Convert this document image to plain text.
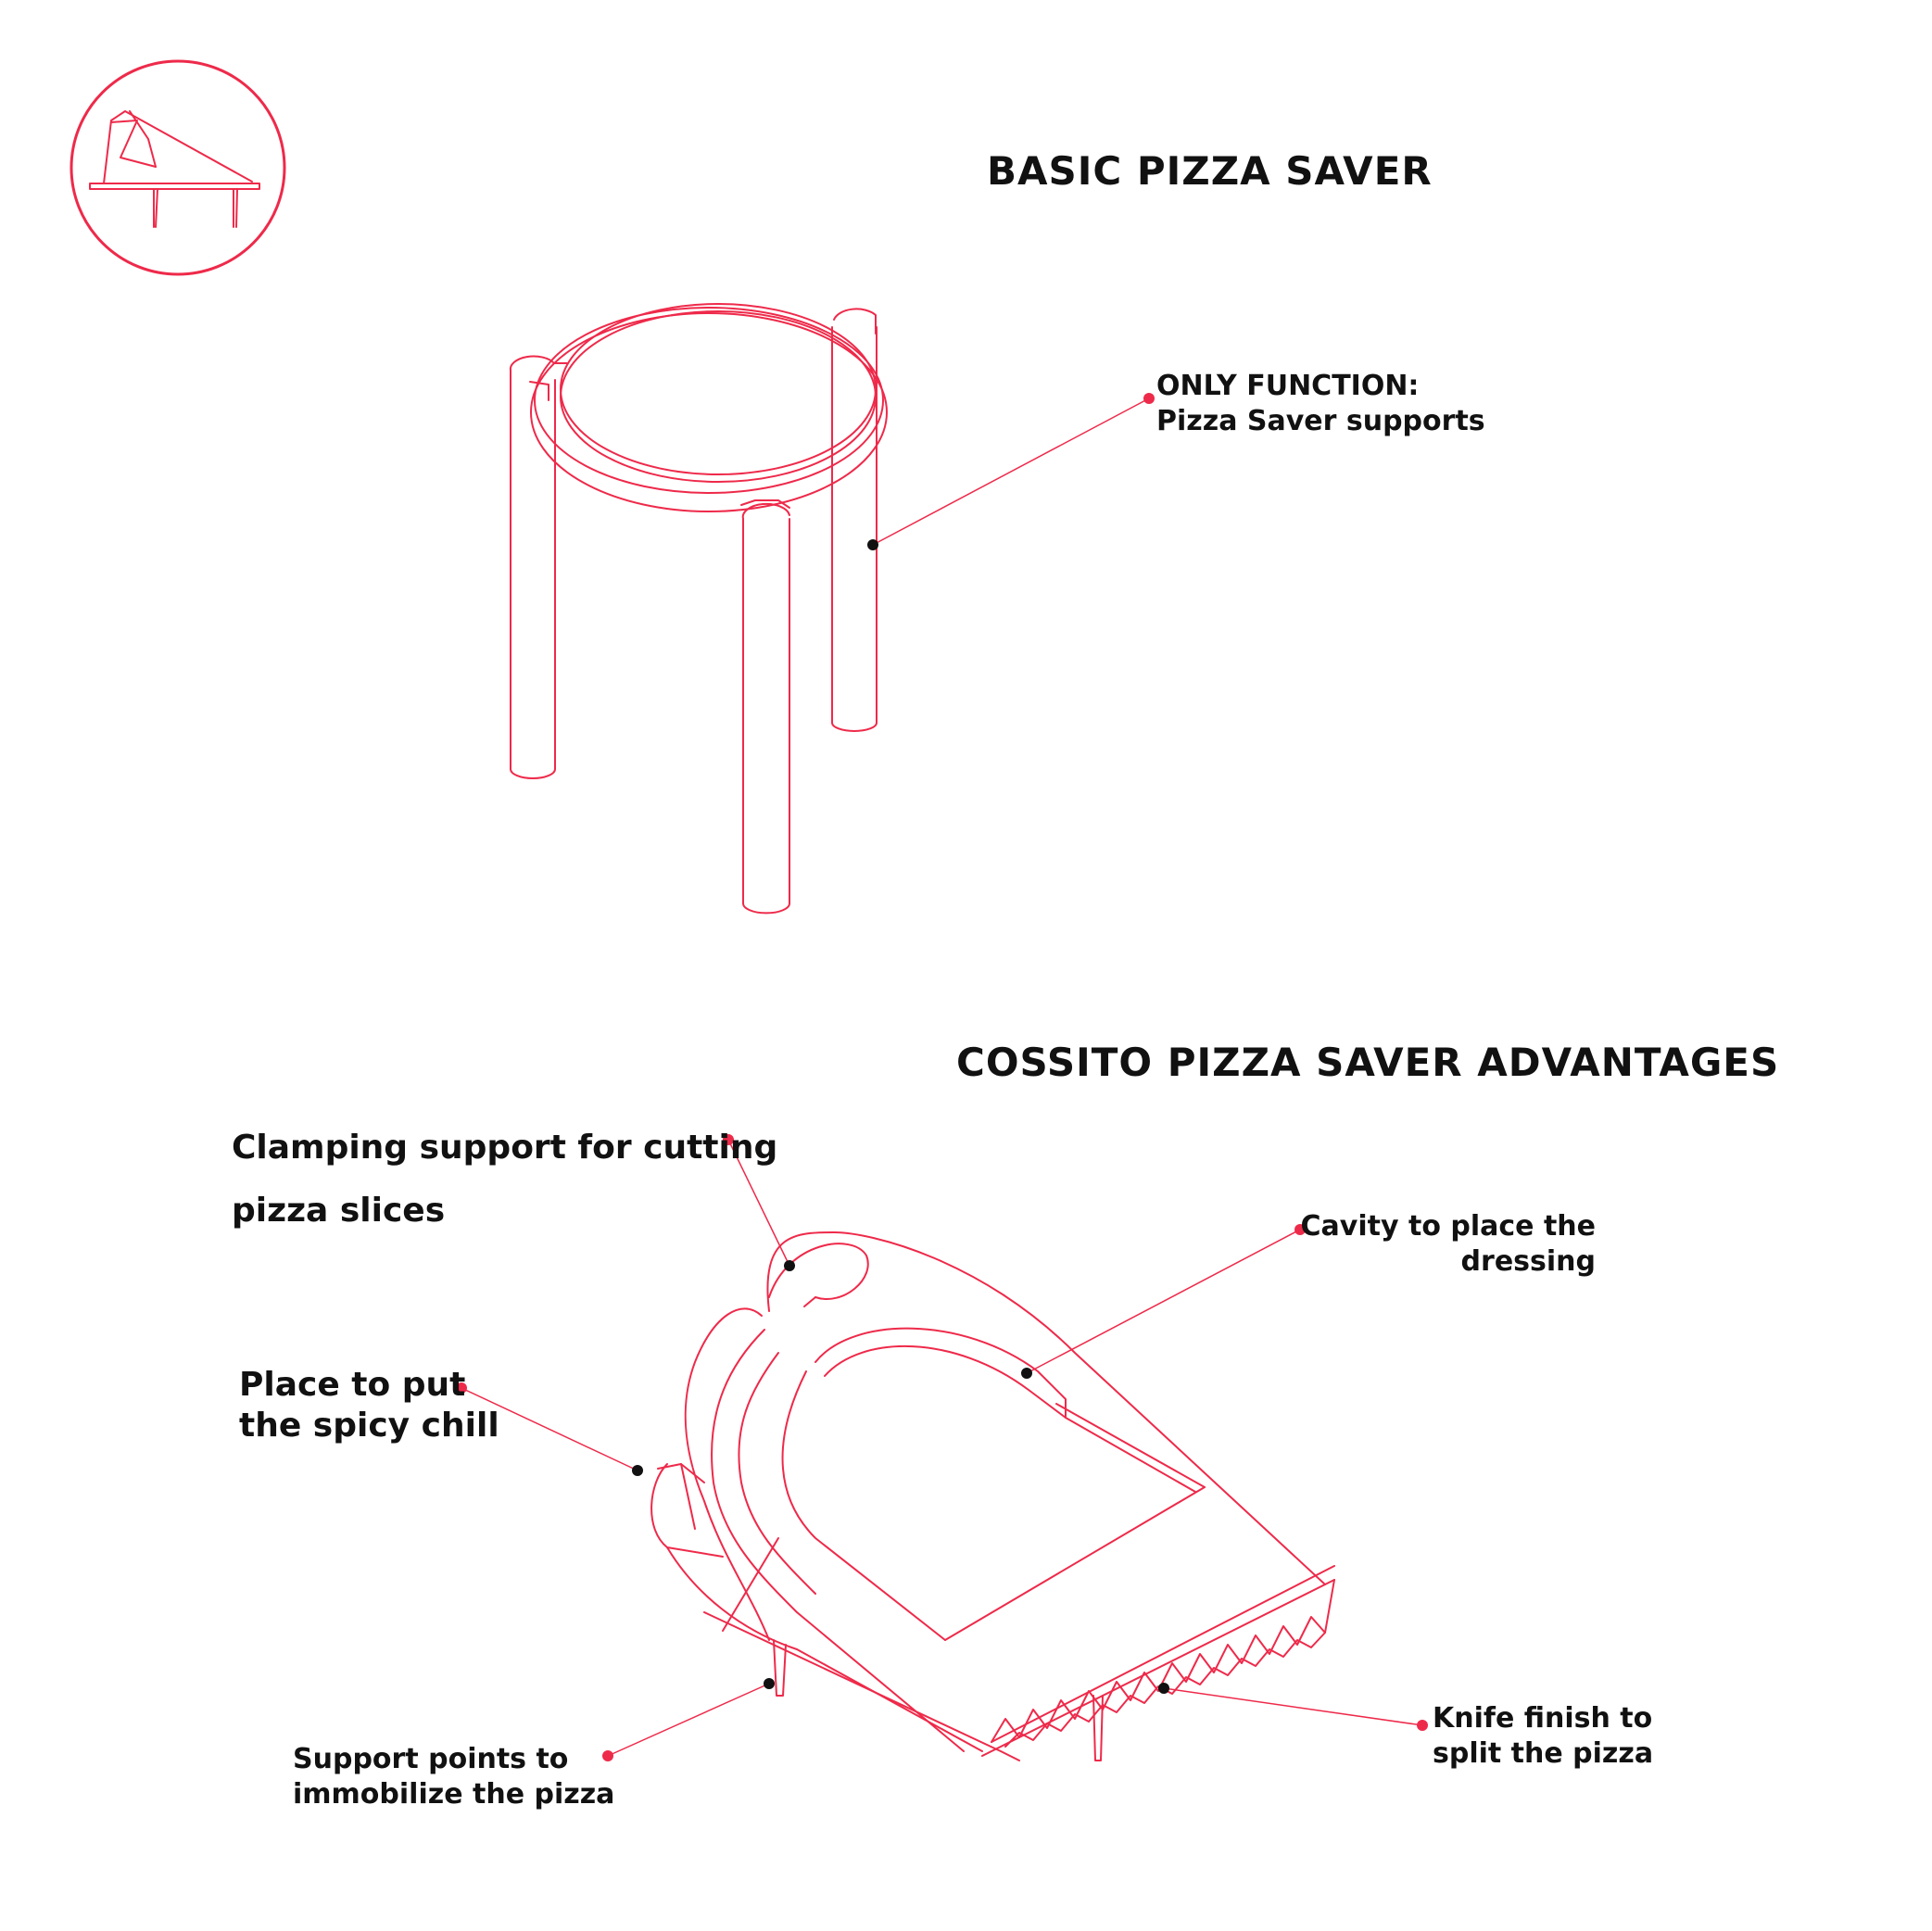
BASIC PIZZA SAVER
COSSITO PIZZA SAVER ADVANTAGES
ONLY FUNCTION:
Pizza Saver supports
Clamping support for cutting
pizza slices	Cavity to place the
dressing
Place to put
the spicy chill
Support points to
immobilize the pizza
Knife finish to
split the pizza
